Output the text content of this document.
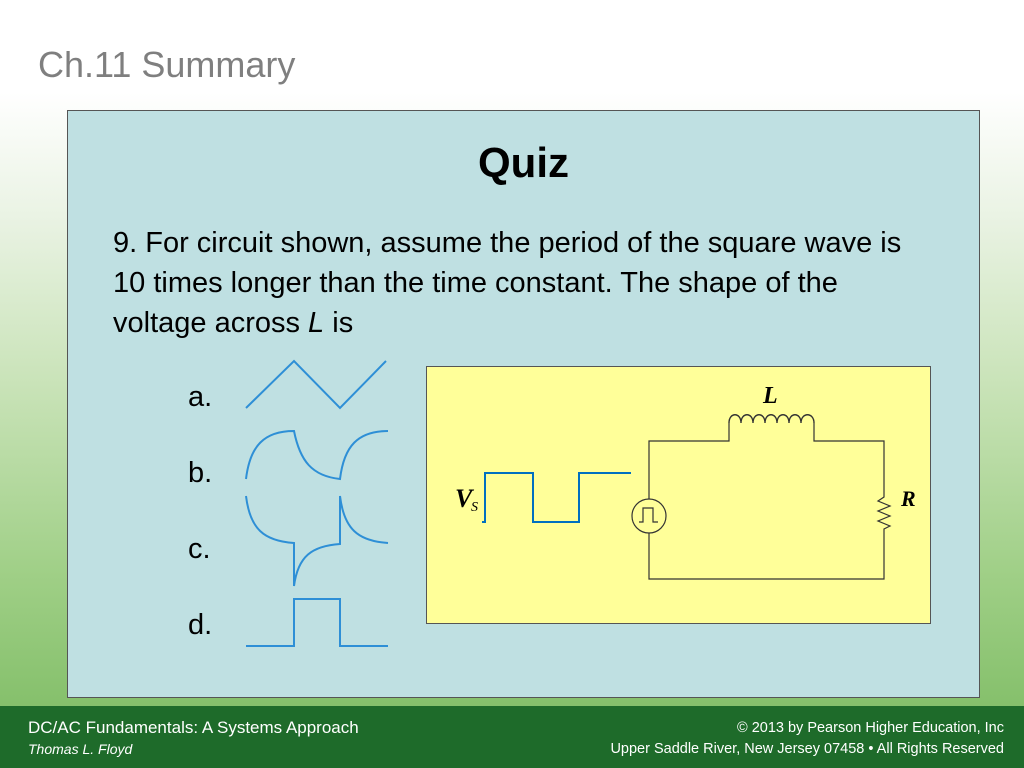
Ch.11 Summary
Quiz
9. For circuit shown, assume the period of the square wave is 10 times longer than the time constant. The shape of the voltage across L is
a.
b.
c.
d.
V
S
L
R
DC/AC Fundamentals: A Systems Approach
Thomas L. Floyd
© 2013 by Pearson Higher Education, Inc
Upper Saddle River, New Jersey 07458 • All Rights Reserved
